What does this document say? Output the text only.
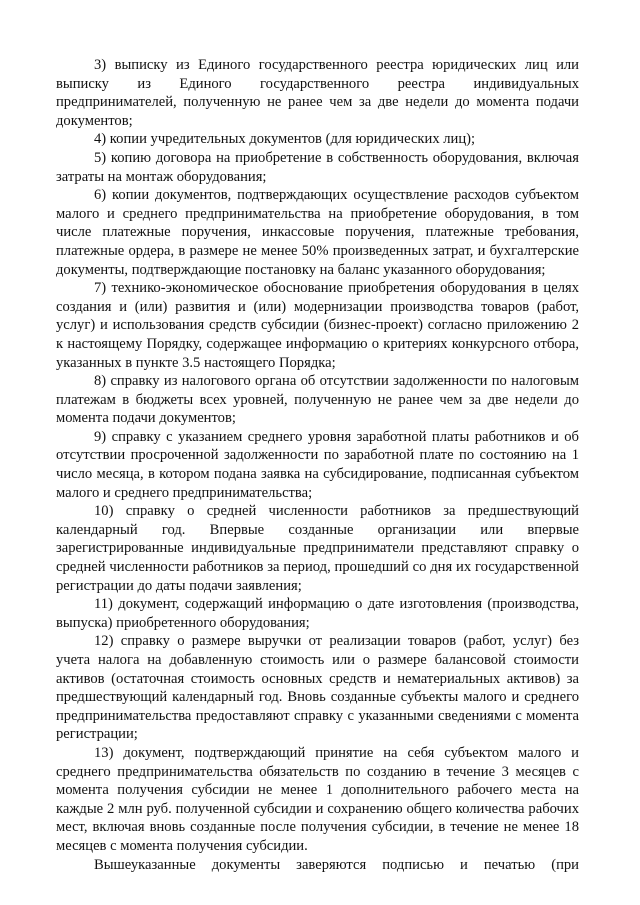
3) выписку из Единого государственного реестра юридических лиц или выписку из Единого государственного реестра индивидуальных предпринимателей, полученную не ранее чем за две недели до момента подачи документов;

4) копии учредительных документов (для юридических лиц);

5) копию договора на приобретение в собственность оборудования, включая затраты на монтаж оборудования;

6) копии документов, подтверждающих осуществление расходов субъектом малого и среднего предпринимательства на приобретение оборудования, в том числе платежные поручения, инкассовые поручения, платежные требования, платежные ордера, в размере не менее 50% произведенных затрат, и бухгалтерские документы, подтверждающие постановку на баланс указанного оборудования;

7) технико-экономическое обоснование приобретения оборудования в целях создания и (или) развития и (или) модернизации производства товаров (работ, услуг) и использования средств субсидии (бизнес-проект) согласно приложению 2 к настоящему Порядку, содержащее информацию о критериях конкурсного отбора, указанных в пункте 3.5 настоящего Порядка;

8) справку из налогового органа об отсутствии задолженности по налоговым платежам в бюджеты всех уровней, полученную не ранее чем за две недели до момента подачи документов;

9) справку с указанием среднего уровня заработной платы работников и об отсутствии просроченной задолженности по заработной плате по состоянию на 1 число месяца, в котором подана заявка на субсидирование, подписанная субъектом малого и среднего предпринимательства;

10) справку о средней численности работников за предшествующий календарный год. Впервые созданные организации или впервые зарегистрированные индивидуальные предприниматели представляют справку о средней численности работников за период, прошедший со дня их государственной регистрации до даты подачи заявления;

11) документ, содержащий информацию о дате изготовления (производства, выпуска) приобретенного оборудования;

12) справку о размере выручки от реализации товаров (работ, услуг) без учета налога на добавленную стоимость или о размере балансовой стоимости активов (остаточная стоимость основных средств и нематериальных активов) за предшествующий календарный год. Вновь созданные субъекты малого и среднего предпринимательства предоставляют справку с указанными сведениями с момента регистрации;

13) документ, подтверждающий принятие на себя субъектом малого и среднего предпринимательства обязательств по созданию в течение 3 месяцев с момента получения субсидии не менее 1 дополнительного рабочего места на каждые 2 млн руб. полученной субсидии и сохранению общего количества рабочих мест, включая вновь созданные после получения субсидии, в течение не менее 18 месяцев с момента получения субсидии.

Вышеуказанные документы заверяются подписью и печатью (при
